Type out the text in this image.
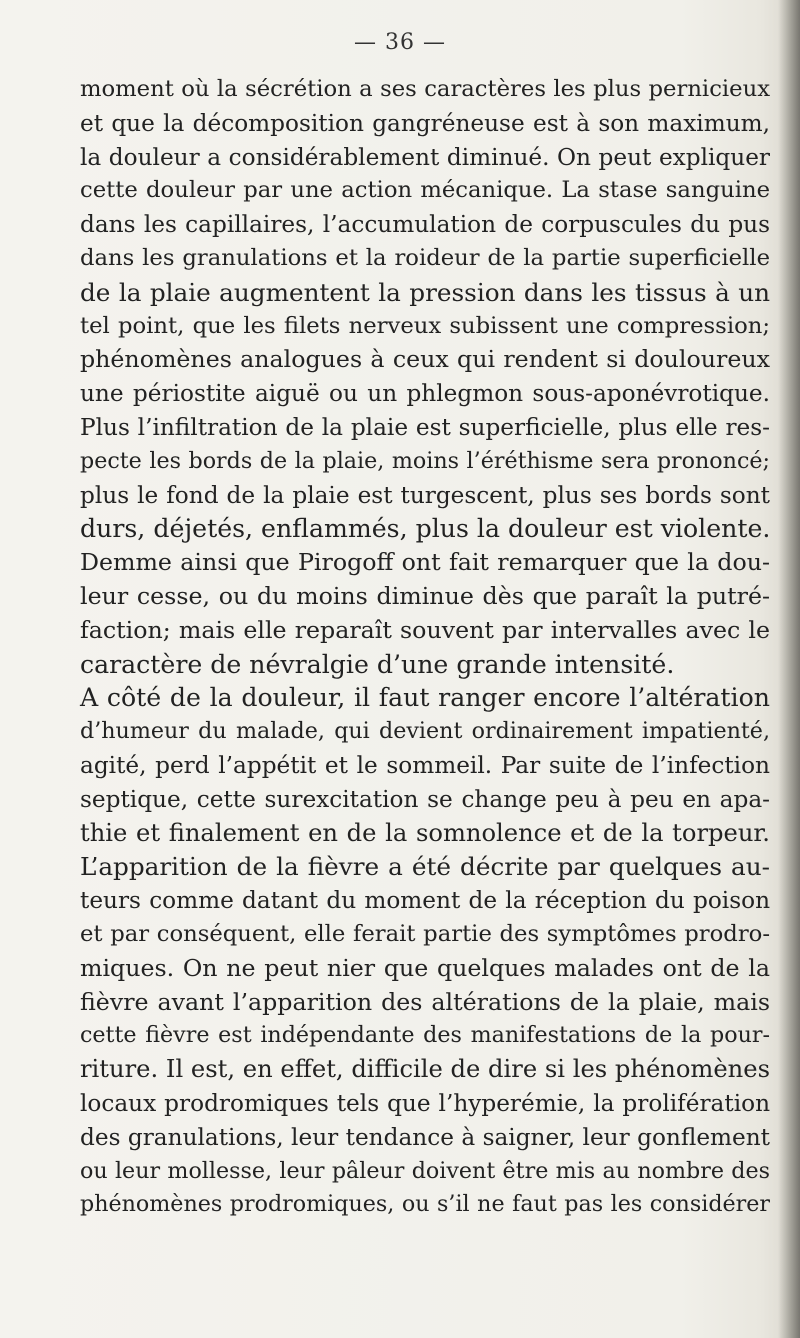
— 36 —
moment où la sécrétion a ses caractères les plus pernicieux
et que la décomposition gangréneuse est à son maximum,
la douleur a considérablement diminué. On peut expliquer
cette douleur par une action mécanique. La stase sanguine
dans les capillaires, l’accumulation de corpuscules du pus
dans les granulations et la roideur de la partie superficielle
de la plaie augmentent la pression dans les tissus à un
tel point, que les filets nerveux subissent une compression;
phénomènes analogues à ceux qui rendent si douloureux
une périostite aiguë ou un phlegmon sous-aponévrotique.
Plus l’infiltration de la plaie est superficielle, plus elle res-
pecte les bords de la plaie, moins l’éréthisme sera prononcé;
plus le fond de la plaie est turgescent, plus ses bords sont
durs, déjetés, enflammés, plus la douleur est violente.
Demme ainsi que Pirogoff ont fait remarquer que la dou-
leur cesse, ou du moins diminue dès que paraît la putré-
faction; mais elle reparaît souvent par intervalles avec le
caractère de névralgie d’une grande intensité.
A côté de la douleur, il faut ranger encore l’altération
d’humeur du malade, qui devient ordinairement impatienté,
agité, perd l’appétit et le sommeil. Par suite de l’infection
septique, cette surexcitation se change peu à peu en apa-
thie et finalement en de la somnolence et de la torpeur.
L’apparition de la fièvre a été décrite par quelques au-
teurs comme datant du moment de la réception du poison
et par conséquent, elle ferait partie des symptômes prodro-
miques. On ne peut nier que quelques malades ont de la
fièvre avant l’apparition des altérations de la plaie, mais
cette fièvre est indépendante des manifestations de la pour-
riture. Il est, en effet, difficile de dire si les phénomènes
locaux prodromiques tels que l’hyperémie, la prolifération
des granulations, leur tendance à saigner, leur gonflement
ou leur mollesse, leur pâleur doivent être mis au nombre des
phénomènes prodromiques, ou s’il ne faut pas les considérer
